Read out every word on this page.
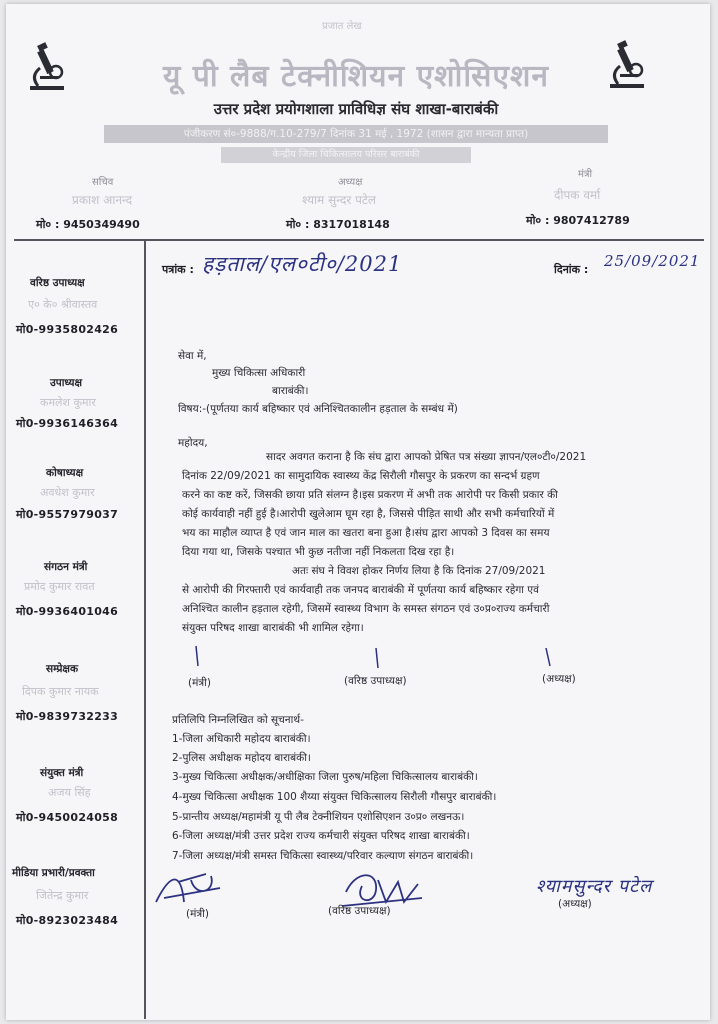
प्रजात लेख
यू पी लैब टेक्नीशियन एशोसिएशन
उत्तर प्रदेश प्रयोगशाला प्राविधिज्ञ संघ शाखा-बाराबंकी
पंजीकरण सं०-9888/ग.10-279/7 दिनांक 31 मई , 1972 (शासन द्वारा मान्यता प्राप्त)
केन्द्रीय जिला चिकित्सालय परिसर बाराबंकी
सचिव
प्रकाश आनन्द
मो० : 9450349490
अध्यक्ष
श्याम सुन्दर पटेल
मो० : 8317018148
मंत्री
दीपक वर्मा
मो० : 9807412789
वरिष्ठ उपाध्यक्ष
ए० के० श्रीवास्तव
मो0-9935802426
उपाध्यक्ष
कमलेश कुमार
मो0-9936146364
कोषाध्यक्ष
अवधेश कुमार
मो0-9557979037
संगठन मंत्री
प्रमोद कुमार रावत
मो0-9936401046
सम्प्रेक्षक
दिपक कुमार नायक
मो0-9839732233
संयुक्त मंत्री
अजय सिंह
मो0-9450024058
मीडिया प्रभारी/प्रवक्ता
जितेन्द्र कुमार
मो0-8923023484
पत्रांक : हड़ताल/एल०टी०/2021	दिनांक : 25/09/2021
सेवा में,
मुख्य चिकित्सा अधिकारी
बाराबंकी।
विषय:-(पूर्णतया कार्य बहिष्कार एवं अनिश्चितकालीन हड़ताल के सम्बंध में)
महोदय,
सादर अवगत कराना है कि संघ द्वारा आपको प्रेषित पत्र संख्या ज्ञापन/एल०टी०/2021
दिनांक 22/09/2021 का सामुदायिक स्वास्थ्य केंद्र सिरौली गौसपुर के प्रकरण का सन्दर्भ ग्रहण
करने का कष्ट करें, जिसकी छाया प्रति संलग्न है।इस प्रकरण में अभी तक आरोपी पर किसी प्रकार की
कोई कार्यवाही नहीं हुई है।आरोपी खुलेआम घूम रहा है, जिससे पीड़ित साथी और सभी कर्मचारियों में
भय का माहौल व्याप्त है एवं जान माल का खतरा बना हुआ है।संघ द्वारा आपको 3 दिवस का समय
दिया गया था, जिसके पश्चात भी कुछ नतीजा नहीं निकलता दिख रहा है।
अतः संघ ने विवश होकर निर्णय लिया है कि दिनांक 27/09/2021
से आरोपी की गिरफ्तारी एवं कार्यवाही तक जनपद बाराबंकी में पूर्णतया कार्य बहिष्कार रहेगा एवं
अनिश्चित कालीन हड़ताल रहेगी, जिसमें स्वास्थ्य विभाग के समस्त संगठन एवं उ०प्र०राज्य कर्मचारी
संयुक्त परिषद शाखा बाराबंकी भी शामिल रहेगा।
(मंत्री)	(वरिष्ठ उपाध्यक्ष)	(अध्यक्ष)
प्रतिलिपि निम्नलिखित को सूचनार्थ-
1-जिला अधिकारी महोदय बाराबंकी।
2-पुलिस अधीक्षक महोदय बाराबंकी।
3-मुख्य चिकित्सा अधीक्षक/अधीक्षिका जिला पुरुष/महिला चिकित्सालय बाराबंकी।
4-मुख्य चिकित्सा अधीक्षक 100 शैय्या संयुक्त चिकित्सालय सिरौली गौसपुर बाराबंकी।
5-प्रान्तीय अध्यक्ष/महामंत्री यू पी लैब टेक्नीशियन एशोसिएशन उ०प्र० लखनऊ।
6-जिला अध्यक्ष/मंत्री उत्तर प्रदेश राज्य कर्मचारी संयुक्त परिषद शाखा बाराबंकी।
7-जिला अध्यक्ष/मंत्री समस्त चिकित्सा स्वास्थ्य/परिवार कल्याण संगठन बाराबंकी।
श्यामसुन्दर पटेल
(मंत्री)	(वरिष्ठ उपाध्यक्ष)
(अध्यक्ष)
